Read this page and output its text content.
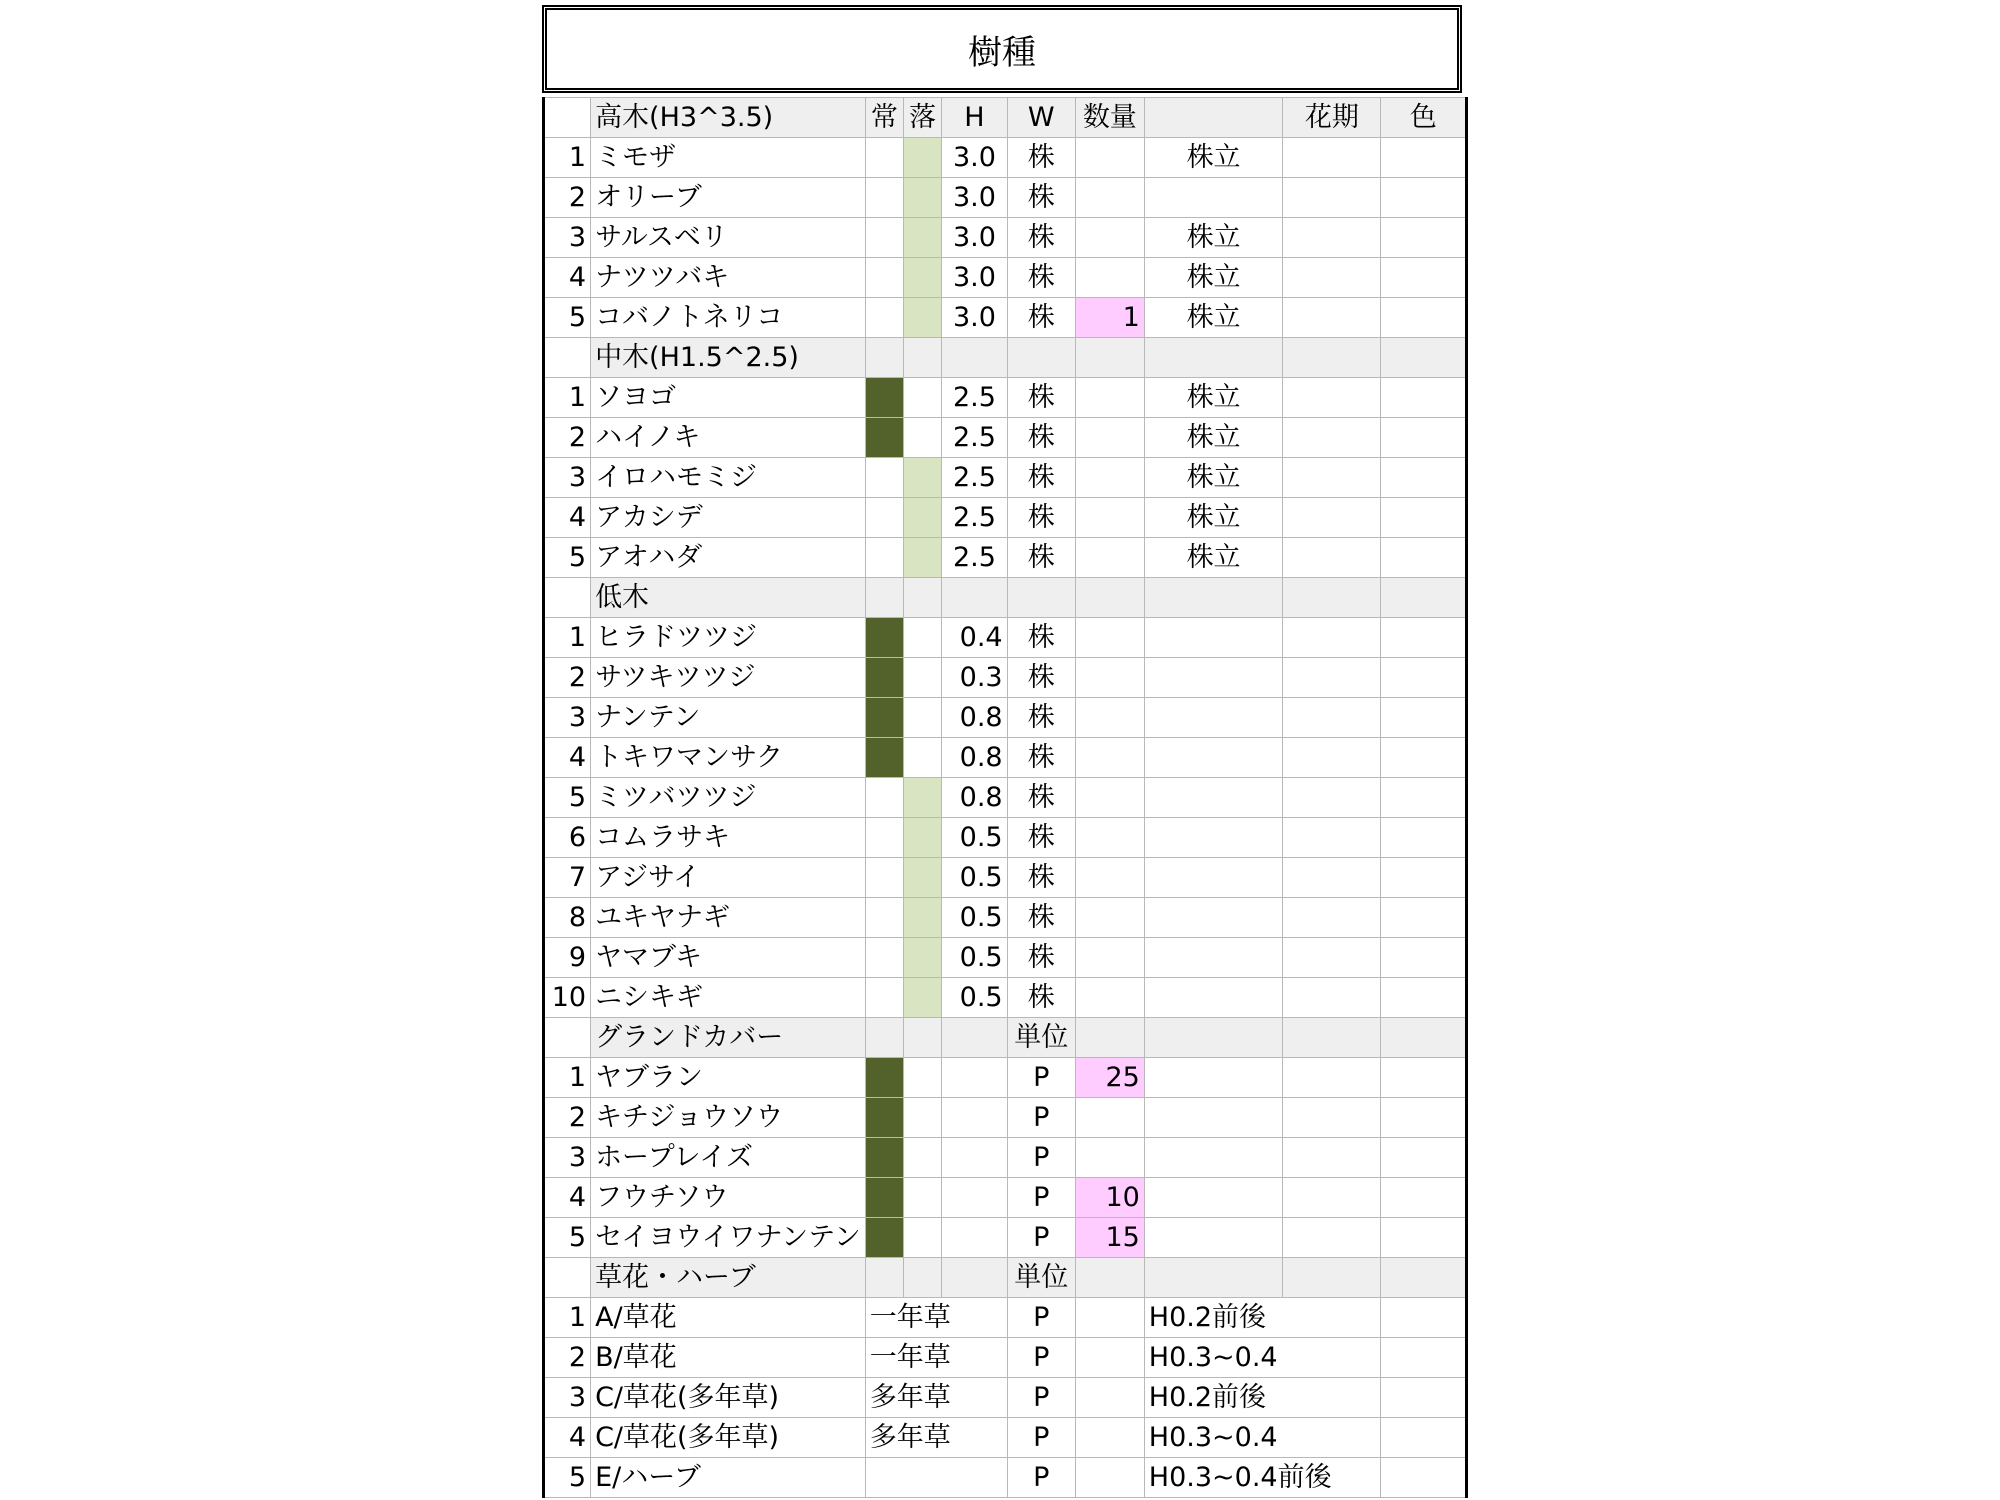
樹種
	高木(H3^3.5)	常	落	H	W	数量		花期	色
1	ミモザ			3.0	株		株立		
2	オリーブ			3.0	株				
3	サルスベリ			3.0	株		株立		
4	ナツツバキ			3.0	株		株立		
5	コバノトネリコ			3.0	株	1	株立		
	中木(H1.5^2.5)								
1	ソヨゴ			2.5	株		株立		
2	ハイノキ			2.5	株		株立		
3	イロハモミジ			2.5	株		株立		
4	アカシデ			2.5	株		株立		
5	アオハダ			2.5	株		株立		
	低木								
1	ヒラドツツジ			0.4	株				
2	サツキツツジ			0.3	株				
3	ナンテン			0.8	株				
4	トキワマンサク			0.8	株				
5	ミツバツツジ			0.8	株				
6	コムラサキ			0.5	株				
7	アジサイ			0.5	株				
8	ユキヤナギ			0.5	株				
9	ヤマブキ			0.5	株				
10	ニシキギ			0.5	株				
	グランドカバー				単位				
1	ヤブラン				P	25			
2	キチジョウソウ				P				
3	ホープレイズ				P				
4	フウチソウ				P	10			
5	セイヨウイワナンテン				P	15			
	草花・ハーブ				単位				
1	A/草花	一年草			P		H0.2前後		
2	B/草花	一年草			P		H0.3~0.4		
3	C/草花(多年草)	多年草			P		H0.2前後		
4	C/草花(多年草)	多年草			P		H0.3~0.4		
5	E/ハーブ				P		H0.3~0.4前後		
